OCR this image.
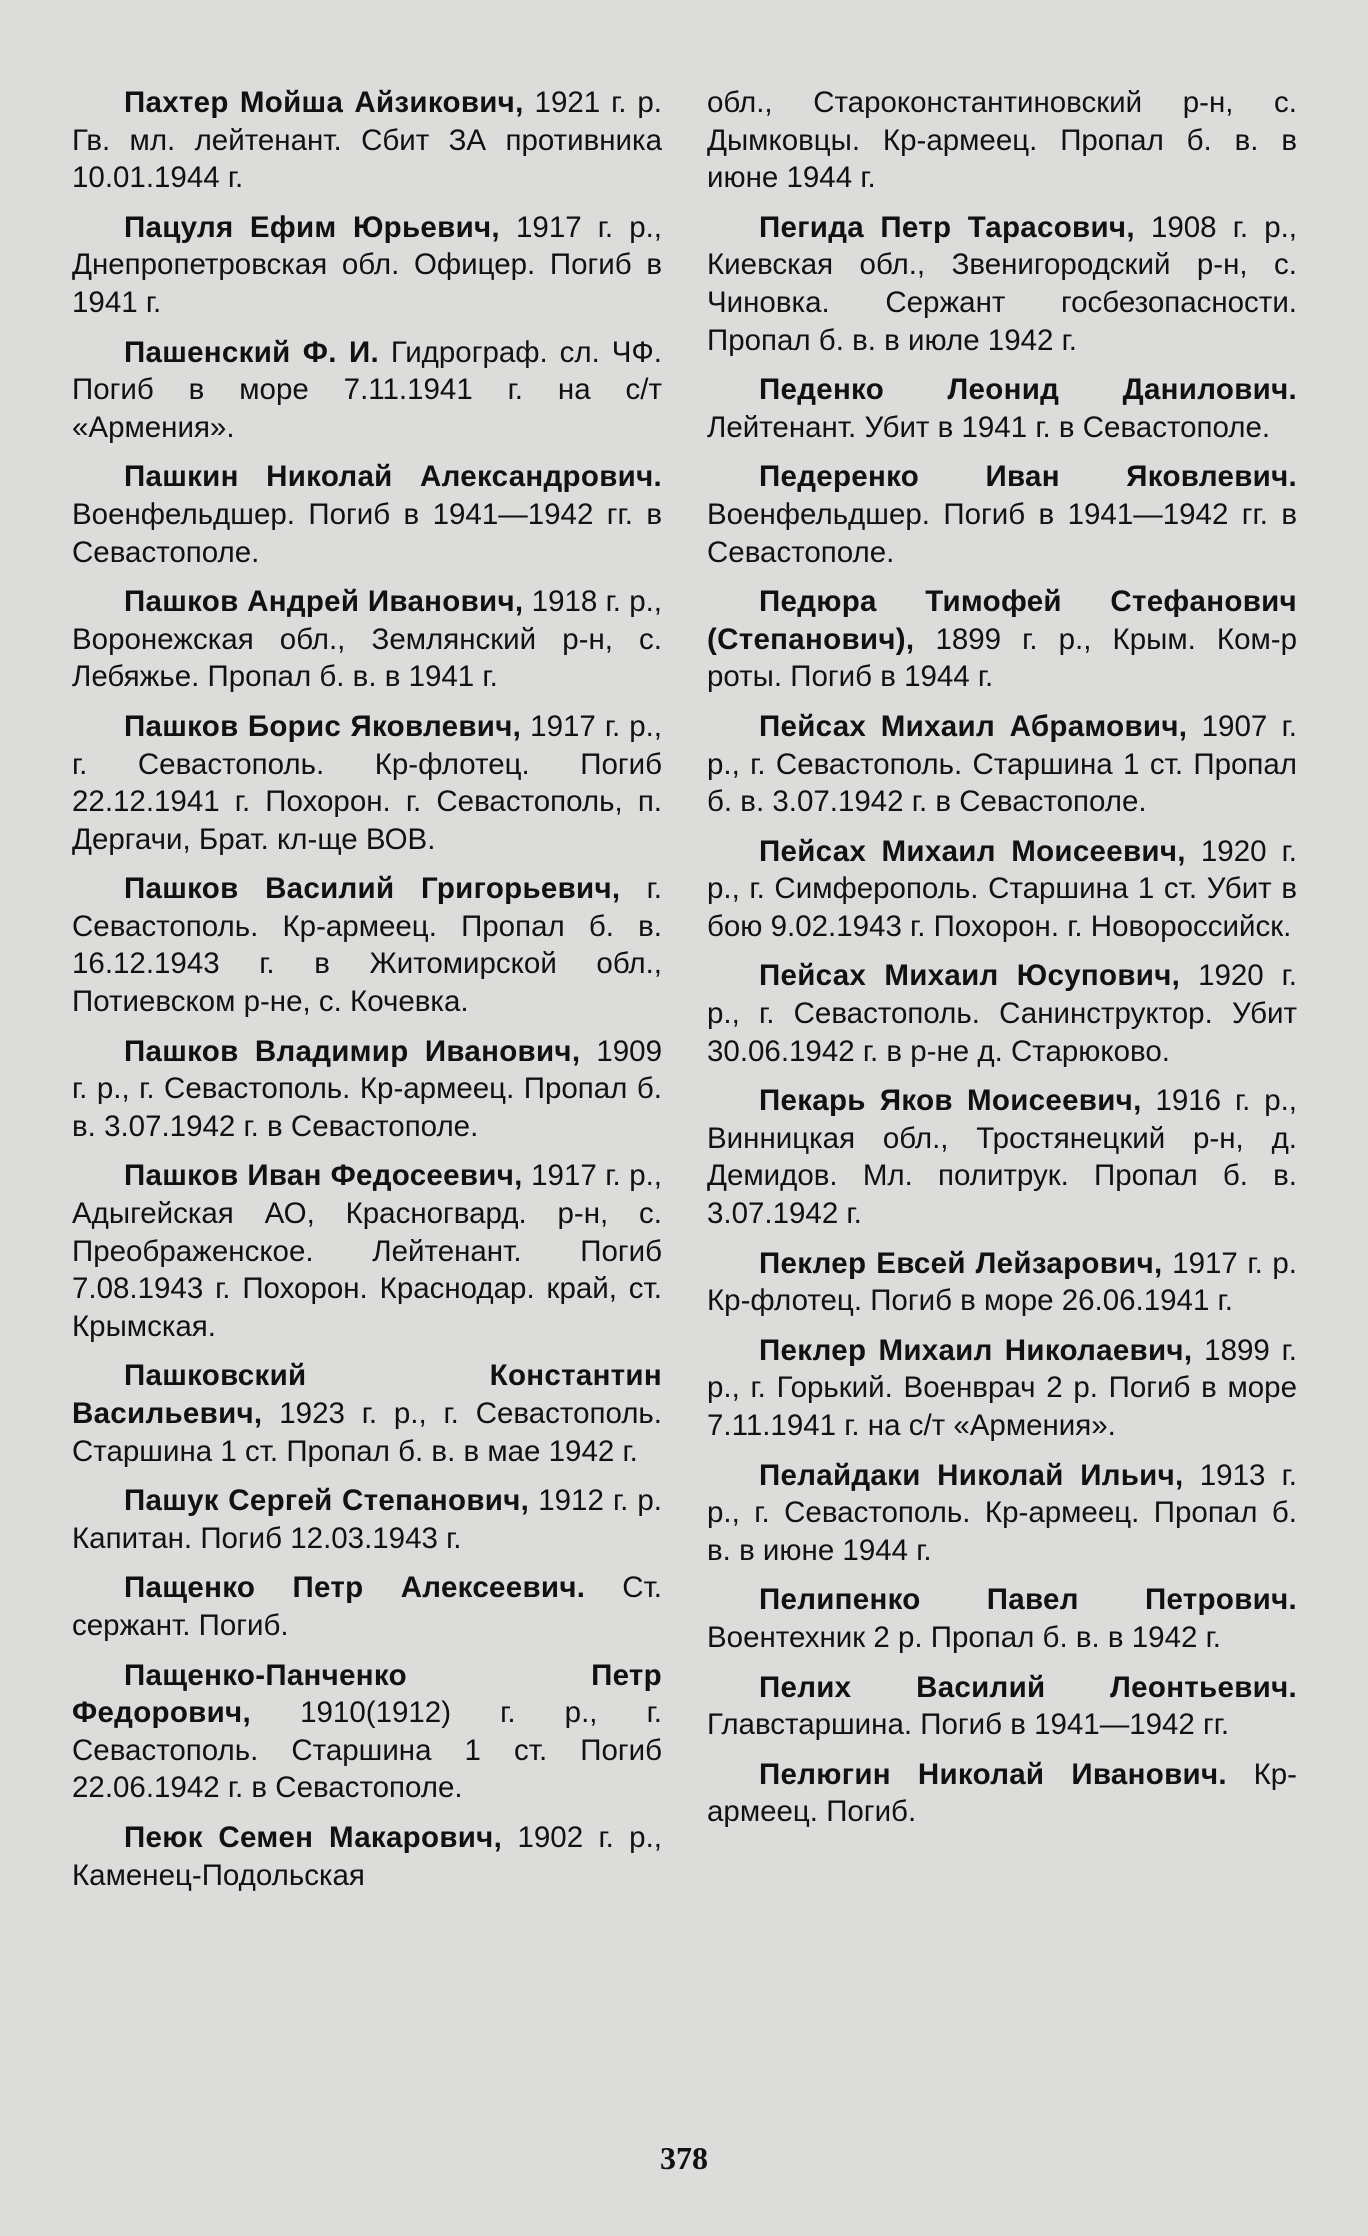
Пахтер Мойша Айзикович, 1921 г. р. Гв. мл. лейтенант. Сбит ЗА противника 10.01.1944 г.

Пацуля Ефим Юрьевич, 1917 г. р., Днепропетровская обл. Офицер. Погиб в 1941 г.

Пашенский Ф. И. Гидрограф. сл. ЧФ. Погиб в море 7.11.1941 г. на с/т «Армения».

Пашкин Николай Александрович. Военфельдшер. Погиб в 1941—1942 гг. в Севастополе.

Пашков Андрей Иванович, 1918 г. р., Воронежская обл., Землянский р-н, с. Лебяжье. Пропал б. в. в 1941 г.

Пашков Борис Яковлевич, 1917 г. р., г. Севастополь. Кр-флотец. Погиб 22.12.1941 г. Похорон. г. Севастополь, п. Дергачи, Брат. кл-ще ВОВ.

Пашков Василий Григорьевич, г. Севастополь. Кр-армеец. Пропал б. в. 16.12.1943 г. в Житомирской обл., Потиевском р-не, с. Кочевка.

Пашков Владимир Иванович, 1909 г. р., г. Севастополь. Кр-армеец. Пропал б. в. 3.07.1942 г. в Севастополе.

Пашков Иван Федосеевич, 1917 г. р., Адыгейская АО, Красногвард. р-н, с. Преображенское. Лейтенант. Погиб 7.08.1943 г. Похорон. Краснодар. край, ст. Крымская.

Пашковский Константин Васильевич, 1923 г. р., г. Севастополь. Старшина 1 ст. Пропал б. в. в мае 1942 г.

Пашук Сергей Степанович, 1912 г. р. Капитан. Погиб 12.03.1943 г.

Пащенко Петр Алексеевич. Ст. сержант. Погиб.

Пащенко-Панченко Петр Федорович, 1910(1912) г. р., г. Севастополь. Старшина 1 ст. Погиб 22.06.1942 г. в Севастополе.

Пеюк Семен Макарович, 1902 г. р., Каменец-Подольская

обл., Староконстантиновский р-н, с. Дымковцы. Кр-армеец. Пропал б. в. в июне 1944 г.

Пегида Петр Тарасович, 1908 г. р., Киевская обл., Звенигородский р-н, с. Чиновка. Сержант госбезопасности. Пропал б. в. в июле 1942 г.

Педенко Леонид Данилович. Лейтенант. Убит в 1941 г. в Севастополе.

Педеренко Иван Яковлевич. Военфельдшер. Погиб в 1941—1942 гг. в Севастополе.

Педюра Тимофей Стефанович (Степанович), 1899 г. р., Крым. Ком-р роты. Погиб в 1944 г.

Пейсах Михаил Абрамович, 1907 г. р., г. Севастополь. Старшина 1 ст. Пропал б. в. 3.07.1942 г. в Севастополе.

Пейсах Михаил Моисеевич, 1920 г. р., г. Симферополь. Старшина 1 ст. Убит в бою 9.02.1943 г. Похорон. г. Новороссийск.

Пейсах Михаил Юсупович, 1920 г. р., г. Севастополь. Санинструктор. Убит 30.06.1942 г. в р-не д. Старюково.

Пекарь Яков Моисеевич, 1916 г. р., Винницкая обл., Тростянецкий р-н, д. Демидов. Мл. политрук. Пропал б. в. 3.07.1942 г.

Пеклер Евсей Лейзарович, 1917 г. р. Кр-флотец. Погиб в море 26.06.1941 г.

Пеклер Михаил Николаевич, 1899 г. р., г. Горький. Военврач 2 р. Погиб в море 7.11.1941 г. на с/т «Армения».

Пелайдаки Николай Ильич, 1913 г. р., г. Севастополь. Кр-армеец. Пропал б. в. в июне 1944 г.

Пелипенко Павел Петрович. Воентехник 2 р. Пропал б. в. в 1942 г.

Пелих Василий Леонтьевич. Главстаршина. Погиб в 1941—1942 гг.

Пелюгин Николай Иванович. Кр-армеец. Погиб.

378
